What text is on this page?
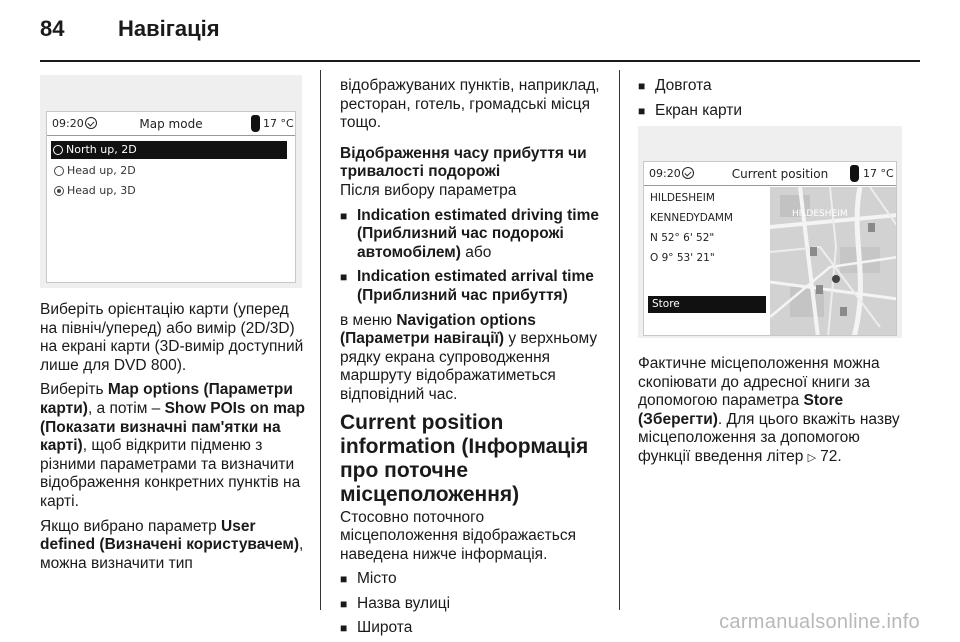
84 Навігація
09:20	Map mode	17 °C
North up, 2D
Head up, 2D
Head up, 3D

Виберіть орієнтацію карти (уперед на північ/уперед) або вимір (2D/3D) на екрані карти (3D-вимір доступний лише для DVD 800).

Виберіть Map options (Параметри карти), а потім – Show POIs on map (Показати визначні пам'ятки на карті), щоб відкрити підменю з різними параметрами та визначити відображення конкретних пунктів на карті.

Якщо вибрано параметр User defined (Визначені користувачем), можна визначити тип

відображуваних пунктів, наприклад, ресторан, готель, громадські місця тощо.

Відображення часу прибуття чи тривалості подорожі

Після вибору параметра

■ Indication estimated driving time (Приблизний час подорожі автомобілем) або
■ Indication estimated arrival time (Приблизний час прибуття)

в меню Navigation options (Параметри навігації) у верхньому рядку екрана супроводження маршруту відображатиметься відповідний час.

Current position information (Інформація про поточне місцеположення)

Стосовно поточного місцеположення відображається наведена нижче інформація.

■ Місто
■ Назва вулиці
■ Широта
■ Довгота
■ Екран карти
09:20	Current position	17 °C
HILDESHEIM
KENNEDYDAMM
N 52° 6' 52"
O 9° 53' 21"
Store
HILDESHEIM

Фактичне місцеположення можна скопіювати до адресної книги за допомогою параметра Store (Зберегти). Для цього вкажіть назву місцеположення за допомогою функції введення літер ▷ 72.

carmanualsonline.info
